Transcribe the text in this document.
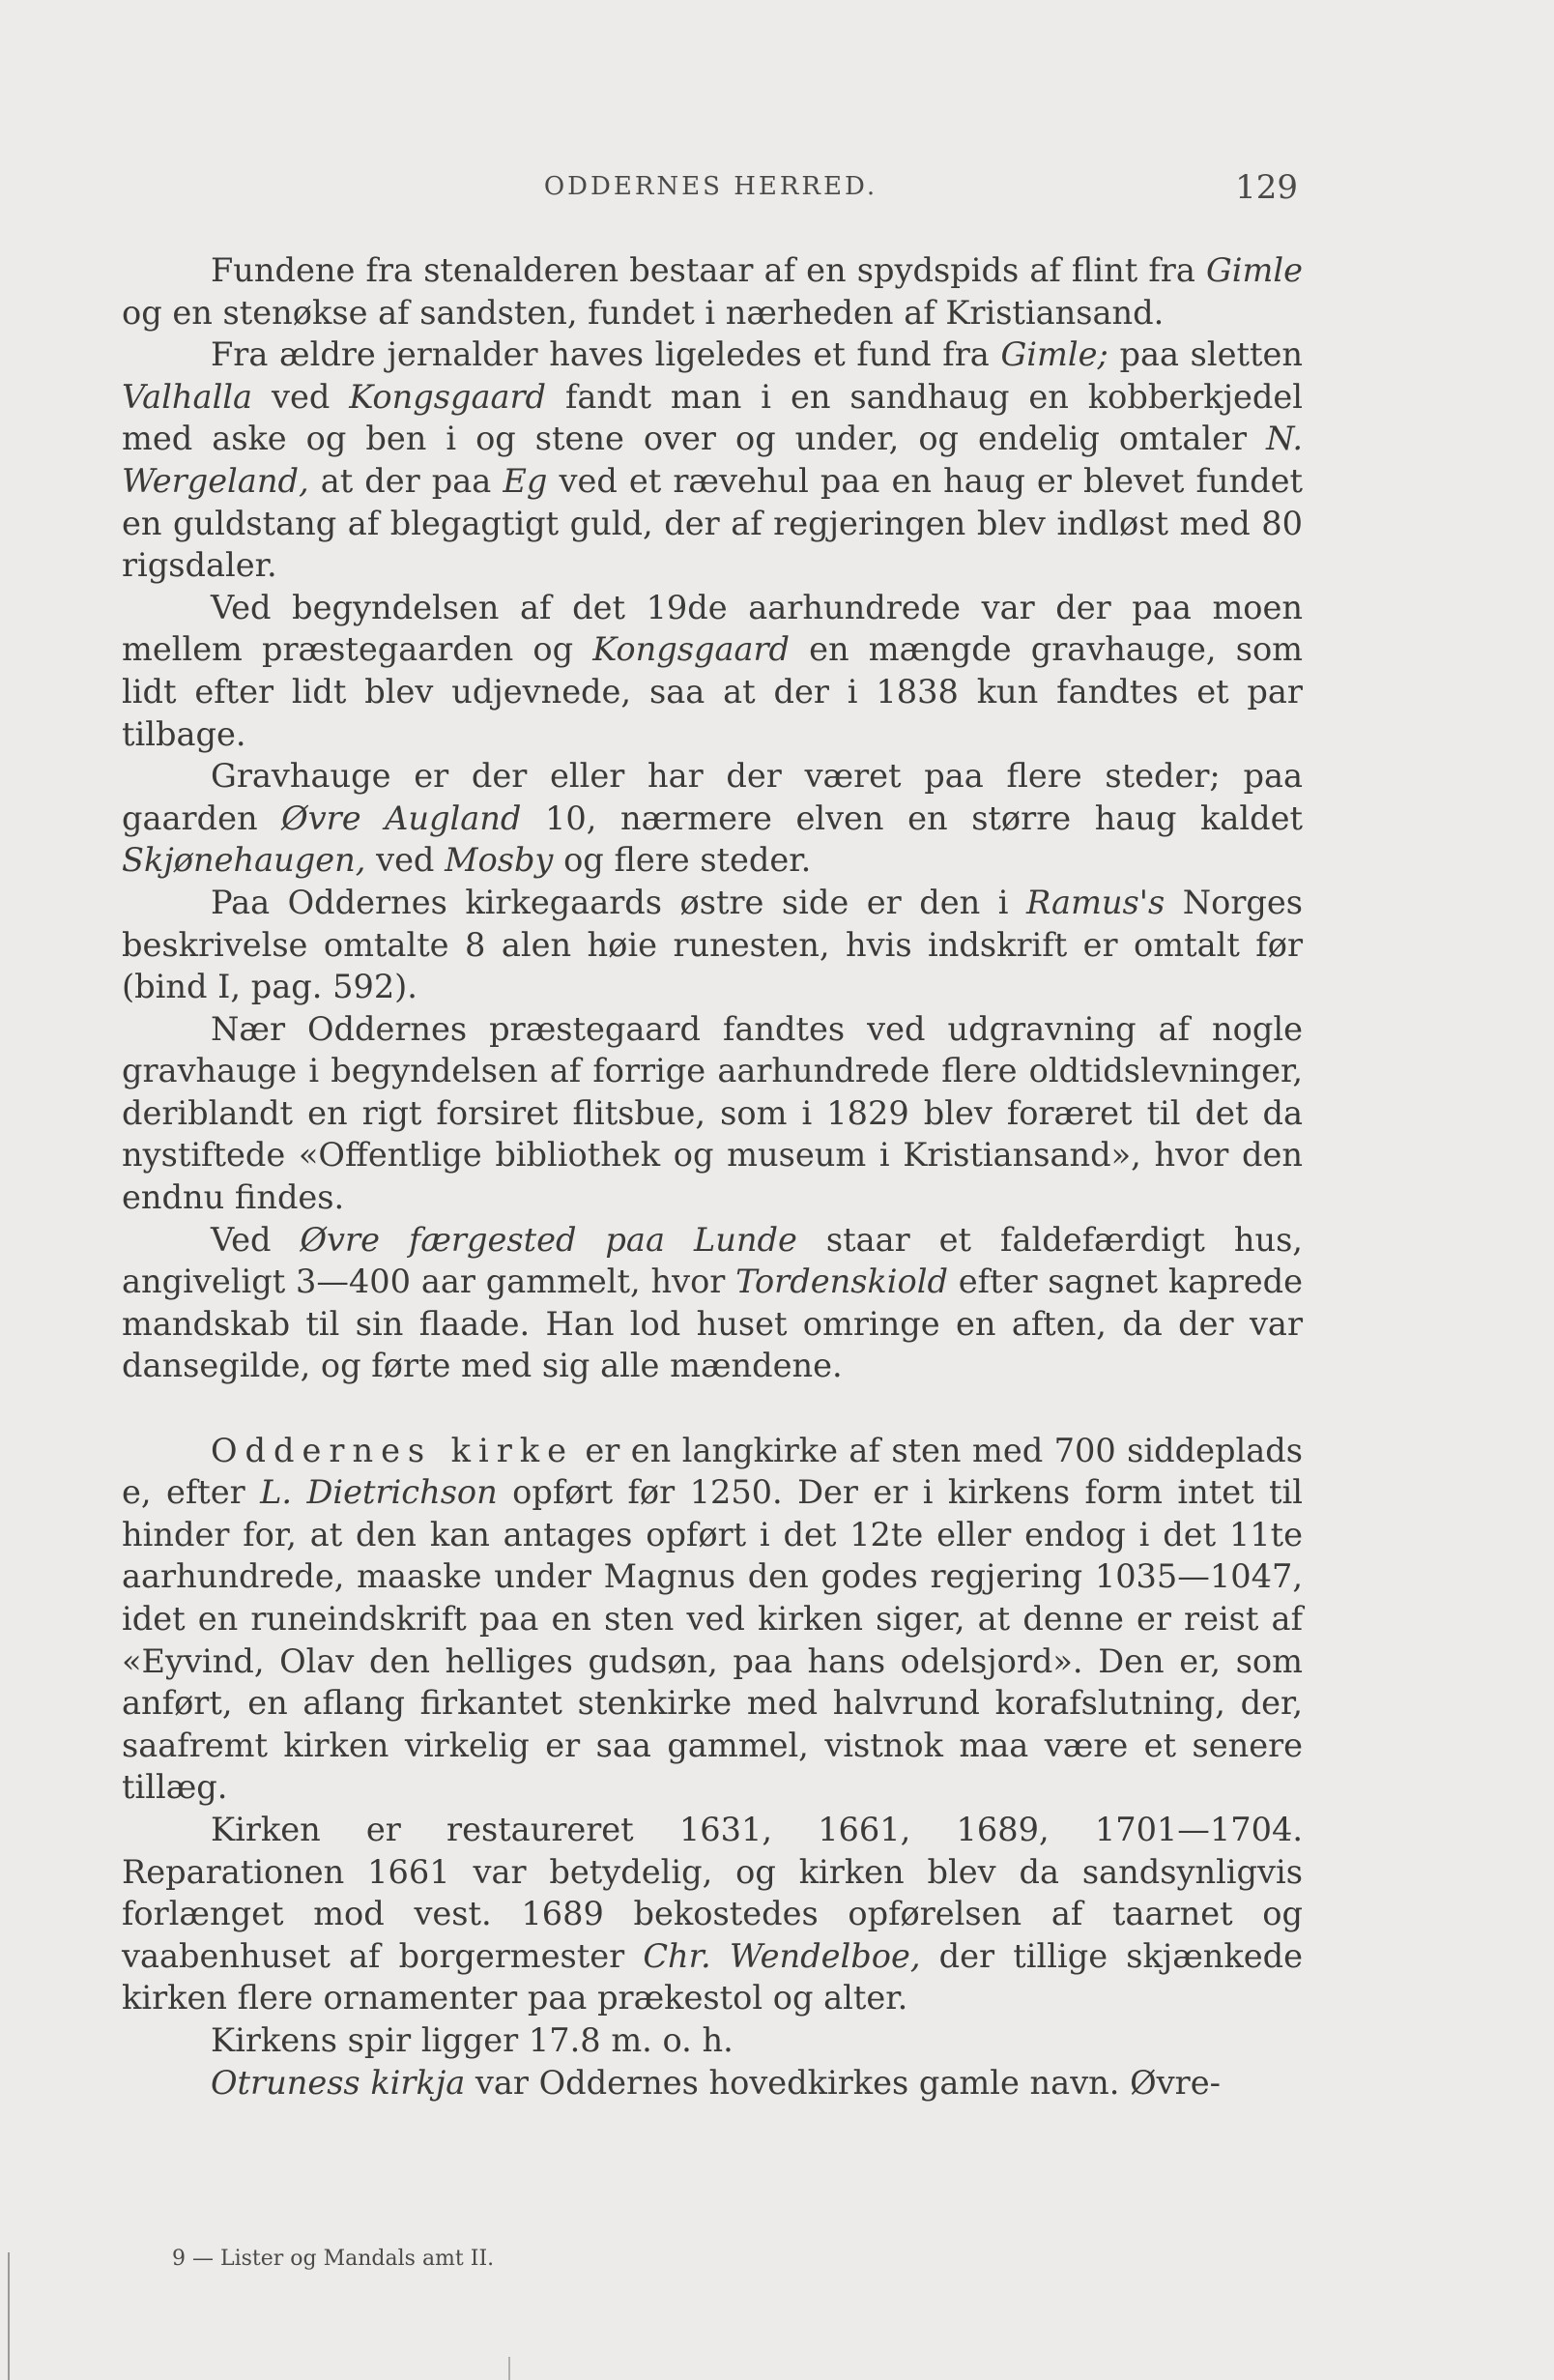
ODDERNES HERRED.	129

Fundene fra stenalderen bestaar af en spydspids af flint fra Gimle og en stenøkse af sandsten, fundet i nærheden af Kristiansand.

Fra ældre jernalder haves ligeledes et fund fra Gimle; paa sletten Valhalla ved Kongsgaard fandt man i en sandhaug en kobberkjedel med aske og ben i og stene over og under, og endelig omtaler N. Wergeland, at der paa Eg ved et rævehul paa en haug er blevet fundet en guldstang af blegagtigt guld, der af regjeringen blev indløst med 80 rigsdaler.

Ved begyndelsen af det 19de aarhundrede var der paa moen mellem præstegaarden og Kongsgaard en mængde gravhauge, som lidt efter lidt blev udjevnede, saa at der i 1838 kun fandtes et par tilbage.

Gravhauge er der eller har der været paa flere steder; paa gaarden Øvre Augland 10, nærmere elven en større haug kaldet Skjønehaugen, ved Mosby og flere steder.

Paa Oddernes kirkegaards østre side er den i Ramus's Norges beskrivelse omtalte 8 alen høie runesten, hvis indskrift er omtalt før (bind I, pag. 592).

Nær Oddernes præstegaard fandtes ved udgravning af nogle gravhauge i begyndelsen af forrige aarhundrede flere oldtidslevninger, deriblandt en rigt forsiret flitsbue, som i 1829 blev foræret til det da nystiftede «Offentlige bibliothek og museum i Kristiansand», hvor den endnu findes.

Ved Øvre færgested paa Lunde staar et faldefærdigt hus, angiveligt 3—400 aar gammelt, hvor Tordenskiold efter sagnet kaprede mandskab til sin flaade. Han lod huset omringe en aften, da der var dansegilde, og førte med sig alle mændene.

Oddernes kirke er en langkirke af sten med 700 siddeplads e, efter L. Dietrichson opført før 1250. Der er i kirkens form intet til hinder for, at den kan antages opført i det 12te eller endog i det 11te aarhundrede, maaske under Magnus den godes regjering 1035—1047, idet en runeindskrift paa en sten ved kirken siger, at denne er reist af «Eyvind, Olav den helliges gudsøn, paa hans odelsjord». Den er, som anført, en aflang firkantet stenkirke med halvrund korafslutning, der, saafremt kirken virkelig er saa gammel, vistnok maa være et senere tillæg.

Kirken er restaureret 1631, 1661, 1689, 1701—1704. Reparationen 1661 var betydelig, og kirken blev da sandsynligvis forlænget mod vest. 1689 bekostedes opførelsen af taarnet og vaabenhuset af borgermester Chr. Wendelboe, der tillige skjænkede kirken flere ornamenter paa prækestol og alter.

Kirkens spir ligger 17.8 m. o. h.

Otruness kirkja var Oddernes hovedkirkes gamle navn. Øvre-

9 — Lister og Mandals amt II.
